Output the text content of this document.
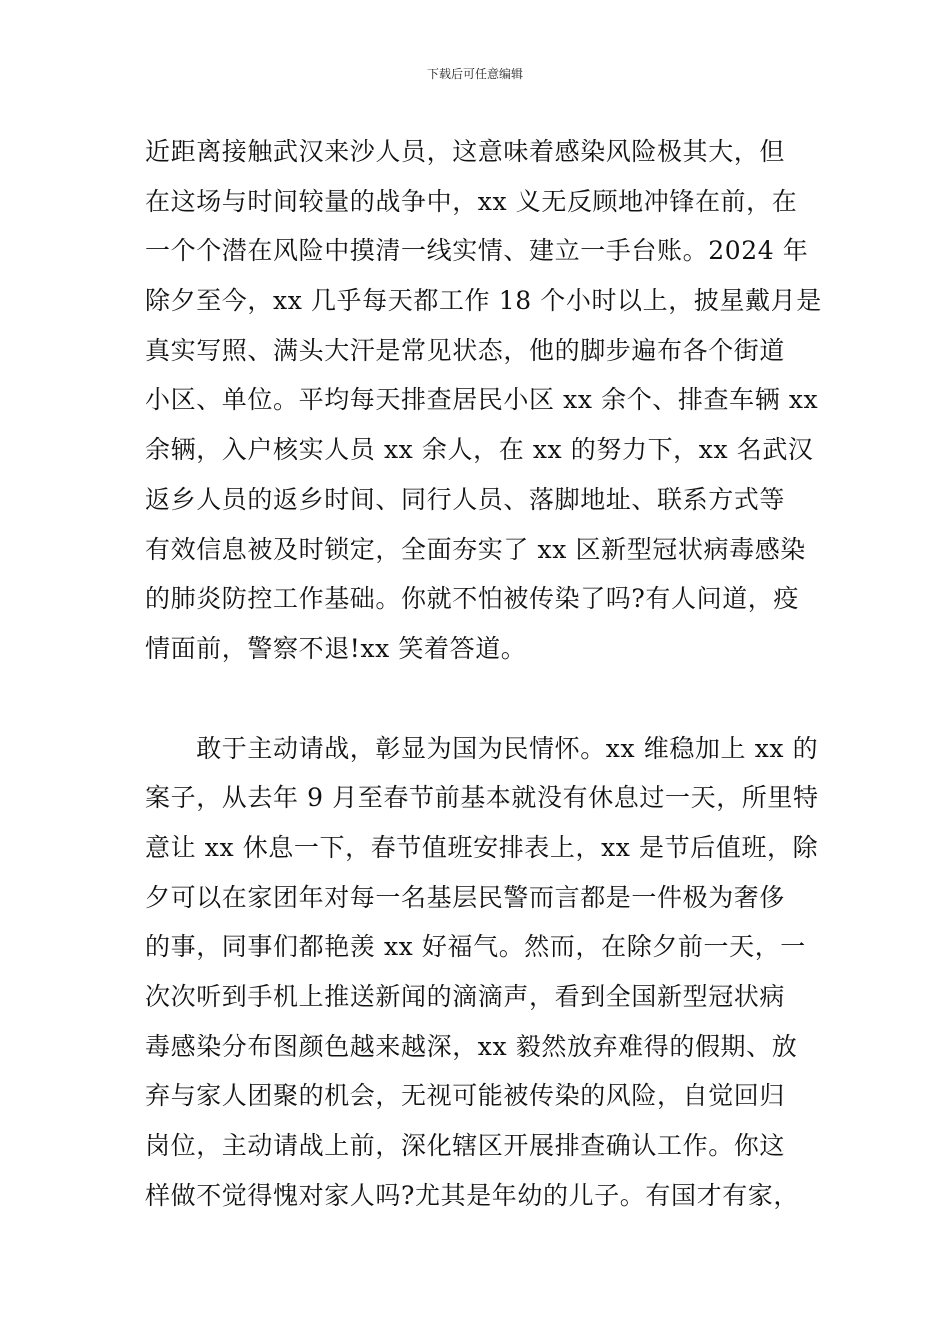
下载后可任意编辑
近距离接触武汉来沙人员，这意味着感染风险极其大，但
在这场与时间较量的战争中，xx 义无反顾地冲锋在前，在
一个个潜在风险中摸清一线实情、建立一手台账。2024 年
除夕至今，xx 几乎每天都工作 18 个小时以上，披星戴月是
真实写照、满头大汗是常见状态，他的脚步遍布各个街道
小区、单位。平均每天排查居民小区 xx 余个、排查车辆 xx
余辆，入户核实人员 xx 余人，在 xx 的努力下，xx 名武汉
返乡人员的返乡时间、同行人员、落脚地址、联系方式等
有效信息被及时锁定，全面夯实了 xx 区新型冠状病毒感染
的肺炎防控工作基础。你就不怕被传染了吗?有人问道，疫
情面前，警察不退!xx 笑着答道。
　　敢于主动请战，彰显为国为民情怀。xx 维稳加上 xx 的
案子，从去年 9 月至春节前基本就没有休息过一天，所里特
意让 xx 休息一下，春节值班安排表上，xx 是节后值班，除
夕可以在家团年对每一名基层民警而言都是一件极为奢侈
的事，同事们都艳羡 xx 好福气。然而，在除夕前一天，一
次次听到手机上推送新闻的滴滴声，看到全国新型冠状病
毒感染分布图颜色越来越深，xx 毅然放弃难得的假期、放
弃与家人团聚的机会，无视可能被传染的风险，自觉回归
岗位，主动请战上前，深化辖区开展排查确认工作。你这
样做不觉得愧对家人吗?尤其是年幼的儿子。有国才有家，
